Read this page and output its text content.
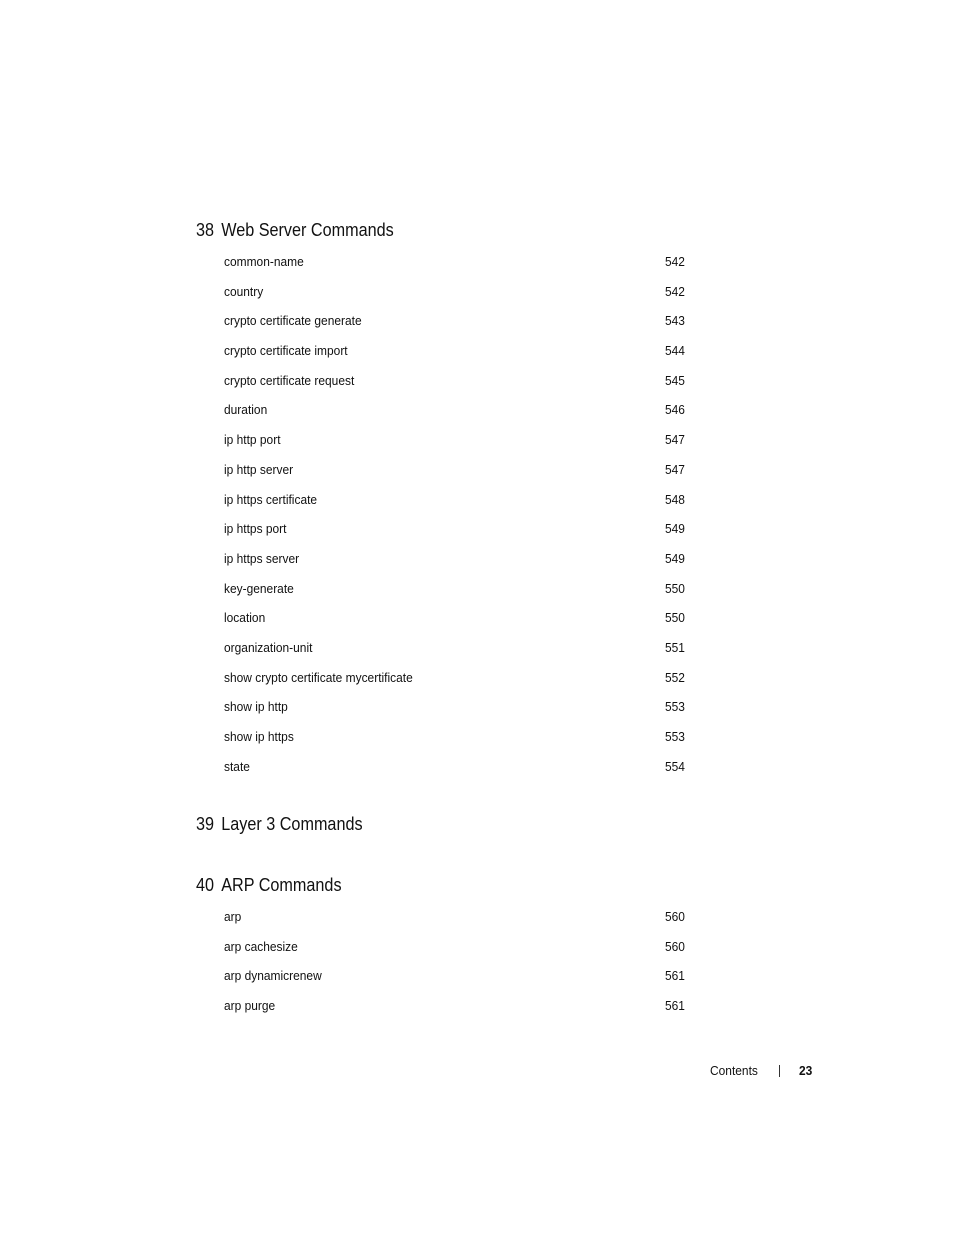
38 Web Server Commands
common-name	542
country	542
crypto certificate generate	543
crypto certificate import	544
crypto certificate request	545
duration	546
ip http port	547
ip http server	547
ip https certificate	548
ip https port	549
ip https server	549
key-generate	550
location	550
organization-unit	551
show crypto certificate mycertificate	552
show ip http	553
show ip https	553
state	554
39 Layer 3 Commands
40 ARP Commands
arp	560
arp cachesize	560
arp dynamicrenew	561
arp purge	561
Contents	23
